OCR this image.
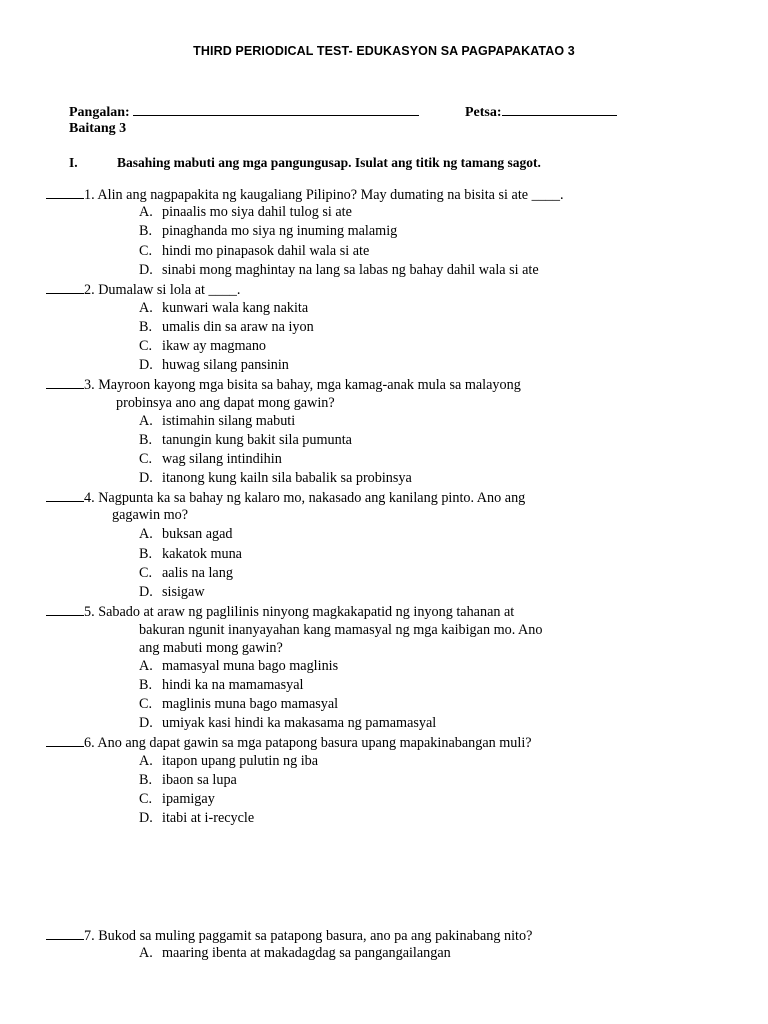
THIRD PERIODICAL TEST- EDUKASYON SA PAGPAPAKATAO 3
Pangalan:	Petsa:
Baitang 3
I.	Basahing mabuti ang mga pangungusap. Isulat ang titik ng tamang sagot.
1. Alin ang nagpapakita ng kaugaliang Pilipino? May dumating na bisita si ate ____.
A. pinaalis mo siya dahil tulog si ate
B. pinaghanda mo siya ng inuming malamig
C. hindi mo pinapasok dahil wala si ate
D. sinabi mong maghintay na lang sa labas ng bahay dahil wala si ate
2. Dumalaw si lola at ____.
A. kunwari wala kang nakita
B. umalis din sa araw na iyon
C. ikaw ay magmano
D. huwag silang pansinin
3. Mayroon kayong mga bisita sa bahay, mga kamag-anak mula sa malayong
probinsya ano ang dapat mong gawin?
A. istimahin silang mabuti
B. tanungin kung bakit sila pumunta
C. wag silang intindihin
D. itanong kung kailn sila babalik sa probinsya
4. Nagpunta ka sa bahay ng kalaro mo, nakasado ang kanilang pinto. Ano ang
gagawin mo?
A. buksan agad
B. kakatok muna
C. aalis na lang
D. sisigaw
5. Sabado at araw ng paglilinis ninyong magkakapatid ng inyong tahanan at
bakuran ngunit inanyayahan kang mamasyal ng mga kaibigan mo. Ano
ang mabuti mong gawin?
A. mamasyal muna bago maglinis
B. hindi ka na mamamasyal
C. maglinis muna bago mamasyal
D. umiyak kasi hindi ka makasama ng pamamasyal
6. Ano ang dapat gawin sa mga patapong basura upang mapakinabangan muli?
A. itapon upang pulutin ng iba
B. ibaon sa lupa
C. ipamigay
D. itabi at i-recycle
7. Bukod sa muling paggamit sa patapong basura, ano pa ang pakinabang nito?
A. maaring ibenta at makadagdag sa pangangailangan
